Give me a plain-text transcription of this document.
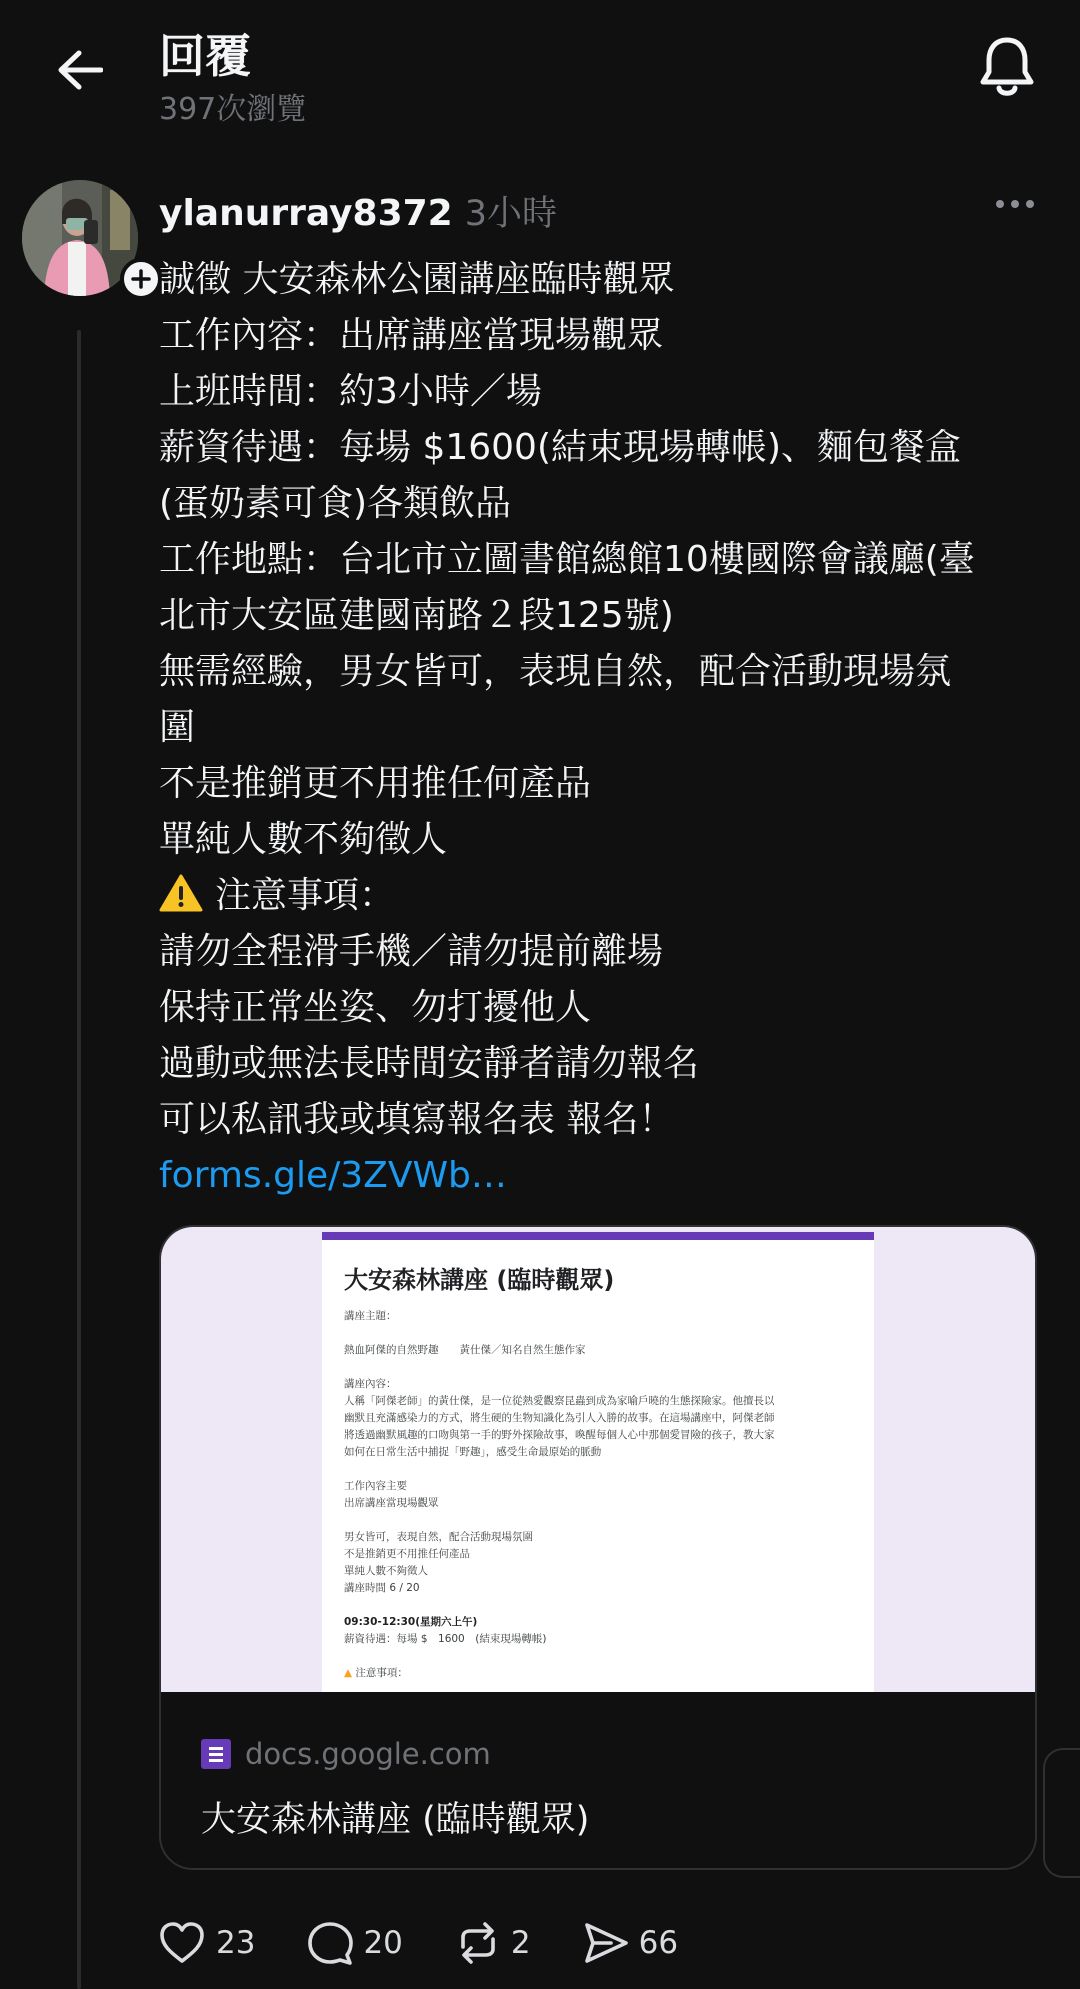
回覆
397次瀏覽
ylanurray8372 3小時
誠徵 大安森林公園講座臨時觀眾
工作內容：出席講座當現場觀眾
上班時間：約3小時／場
薪資待遇：每場 $1600(結束現場轉帳)、麵包餐盒
(蛋奶素可食)各類飲品
工作地點：台北市立圖書館總館10樓國際會議廳(臺
北市大安區建國南路２段125號)
無需經驗，男女皆可，表現自然，配合活動現場氛
圍
不是推銷更不用推任何產品
單純人數不夠徵人
注意事項：
請勿全程滑手機／請勿提前離場
保持正常坐姿、勿打擾他人
過動或無法長時間安靜者請勿報名
可以私訊我或填寫報名表 報名！
forms.gle/3ZVWb…
大安森林講座 (臨時觀眾)
講座主題：

熱血阿傑的自然野趣　　黃仕傑／知名自然生態作家

講座內容：
人稱「阿傑老師」的黃仕傑，是一位從熱愛觀察昆蟲到成為家喻戶曉的生態探險家。他擅長以
幽默且充滿感染力的方式，將生硬的生物知識化為引人入勝的故事。在這場講座中，阿傑老師
將透過幽默風趣的口吻與第一手的野外探險故事，喚醒每個人心中那個愛冒險的孩子，教大家
如何在日常生活中捕捉「野趣」，感受生命最原始的脈動

工作內容主要
出席講座當現場觀眾

男女皆可，表現自然，配合活動現場氛圍
不是推銷更不用推任何產品
單純人數不夠徵人
講座時間 6 / 20

09:30-12:30(星期六上午)
薪資待遇：每場 $　1600　(結束現場轉帳)

▲ 注意事項：
docs.google.com
大安森林講座 (臨時觀眾)
23	20	2	66
